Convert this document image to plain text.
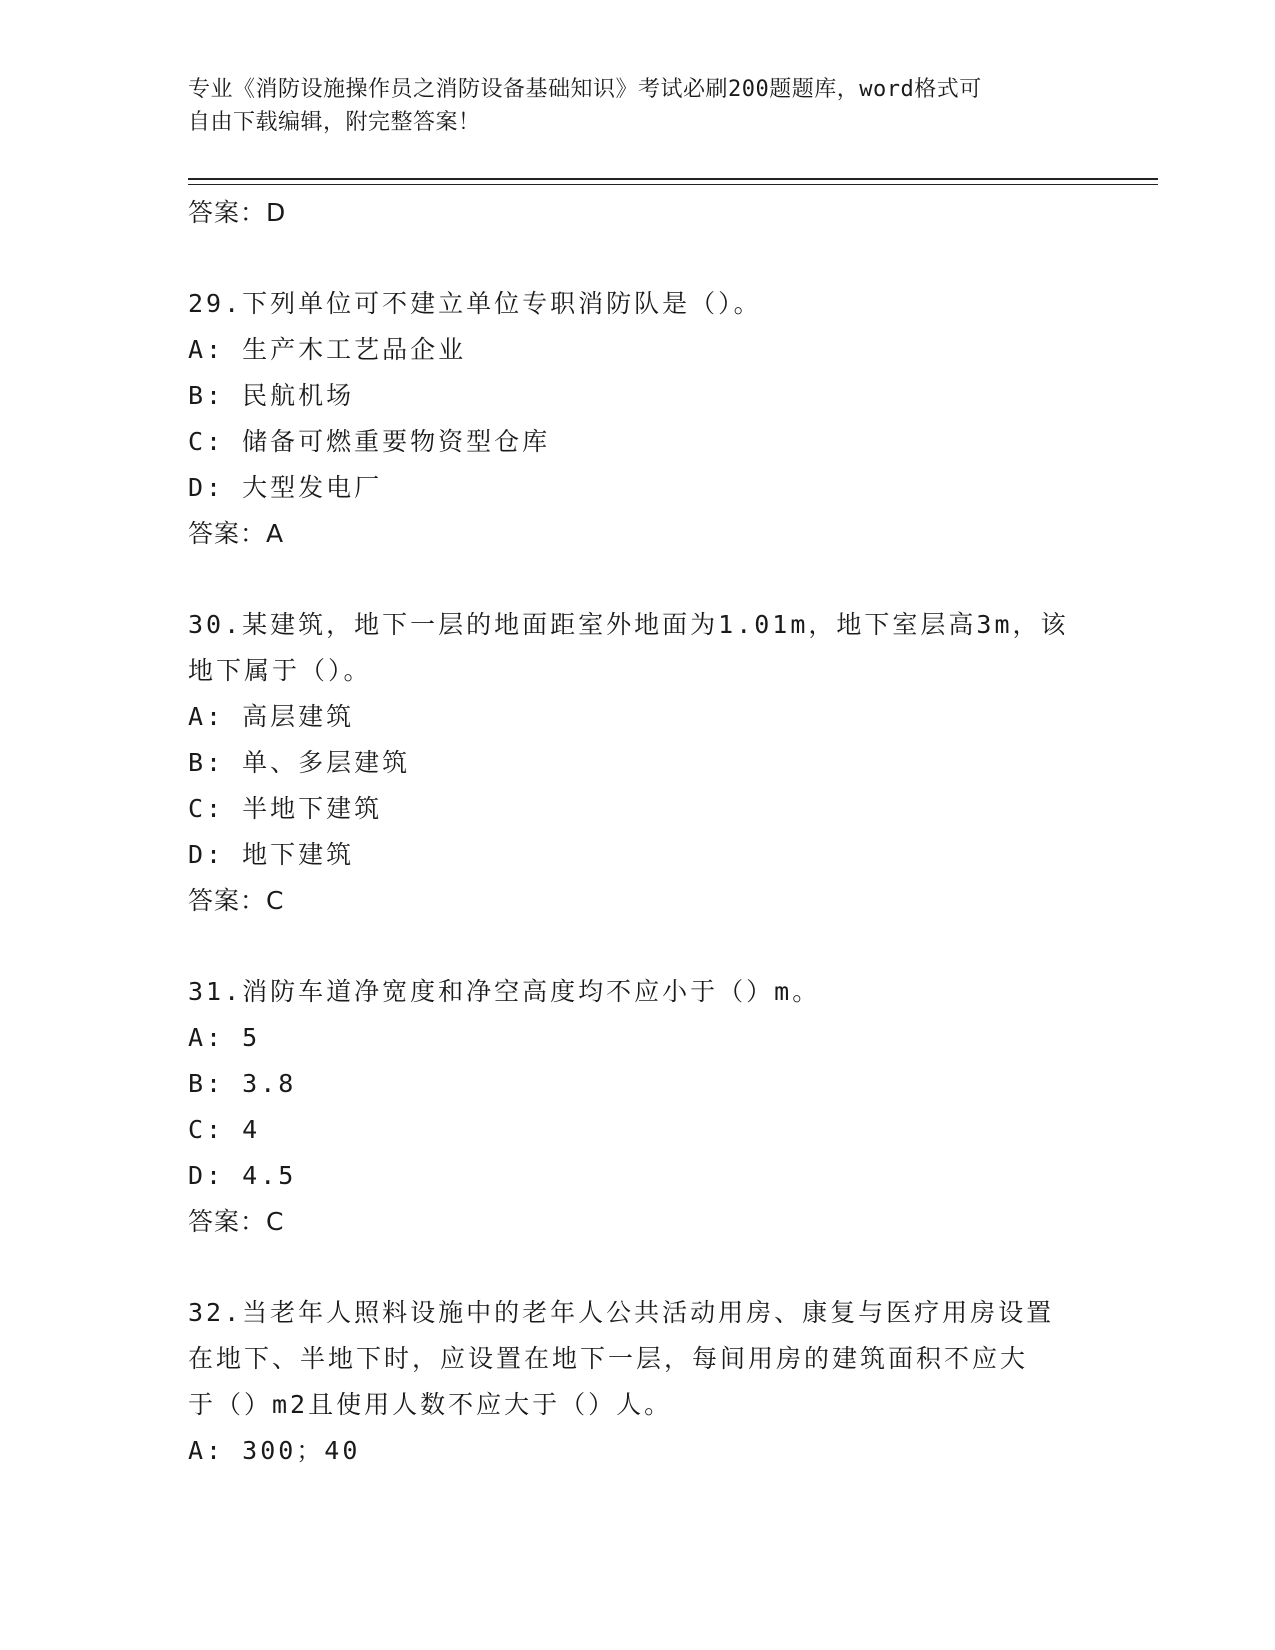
专业《消防设施操作员之消防设备基础知识》考试必刷200题题库，word格式可
自由下载编辑，附完整答案！
答案：D
29.下列单位可不建立单位专职消防队是（）。
A: 生产木工艺品企业
B: 民航机场
C: 储备可燃重要物资型仓库
D: 大型发电厂
答案：A
30.某建筑，地下一层的地面距室外地面为1.01m，地下室层高3m，该
地下属于（）。
A: 高层建筑
B: 单、多层建筑
C: 半地下建筑
D: 地下建筑
答案：C
31.消防车道净宽度和净空高度均不应小于（）m。
A: 5
B: 3.8
C: 4
D: 4.5
答案：C
32.当老年人照料设施中的老年人公共活动用房、康复与医疗用房设置
在地下、半地下时，应设置在地下一层，每间用房的建筑面积不应大
于（）m2且使用人数不应大于（）人。
A: 300；40
